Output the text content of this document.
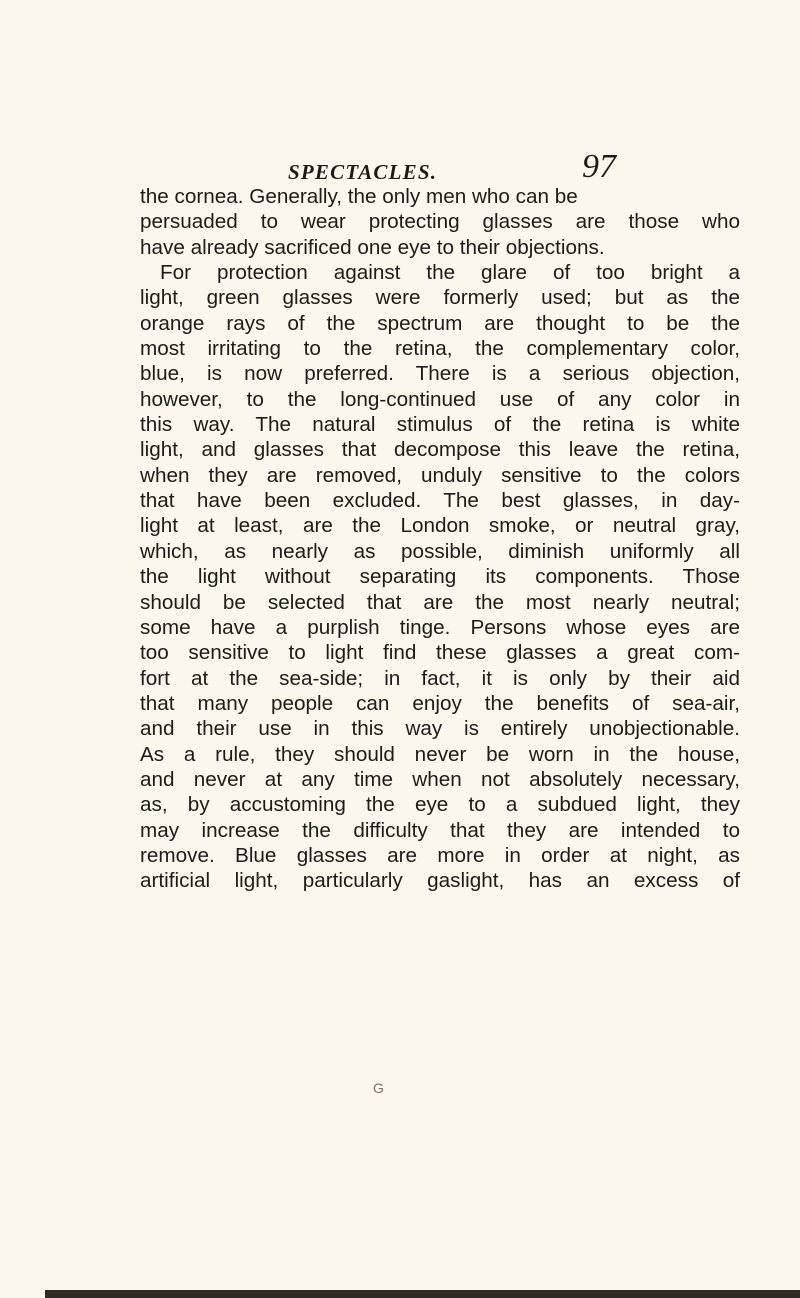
SPECTACLES.	97
the cornea. Generally, the only men who can be
persuaded to wear protecting glasses are those who
have already sacrificed one eye to their objections.
For protection against the glare of too bright a
light, green glasses were formerly used; but as the
orange rays of the spectrum are thought to be the
most irritating to the retina, the complementary color,
blue, is now preferred. There is a serious objection,
however, to the long-continued use of any color in
this way. The natural stimulus of the retina is white
light, and glasses that decompose this leave the retina,
when they are removed, unduly sensitive to the colors
that have been excluded. The best glasses, in day-
light at least, are the London smoke, or neutral gray,
which, as nearly as possible, diminish uniformly all
the light without separating its components. Those
should be selected that are the most nearly neutral;
some have a purplish tinge. Persons whose eyes are
too sensitive to light find these glasses a great com-
fort at the sea-side; in fact, it is only by their aid
that many people can enjoy the benefits of sea-air,
and their use in this way is entirely unobjectionable.
As a rule, they should never be worn in the house,
and never at any time when not absolutely necessary,
as, by accustoming the eye to a subdued light, they
may increase the difficulty that they are intended to
remove. Blue glasses are more in order at night, as
artificial light, particularly gaslight, has an excess of
G
